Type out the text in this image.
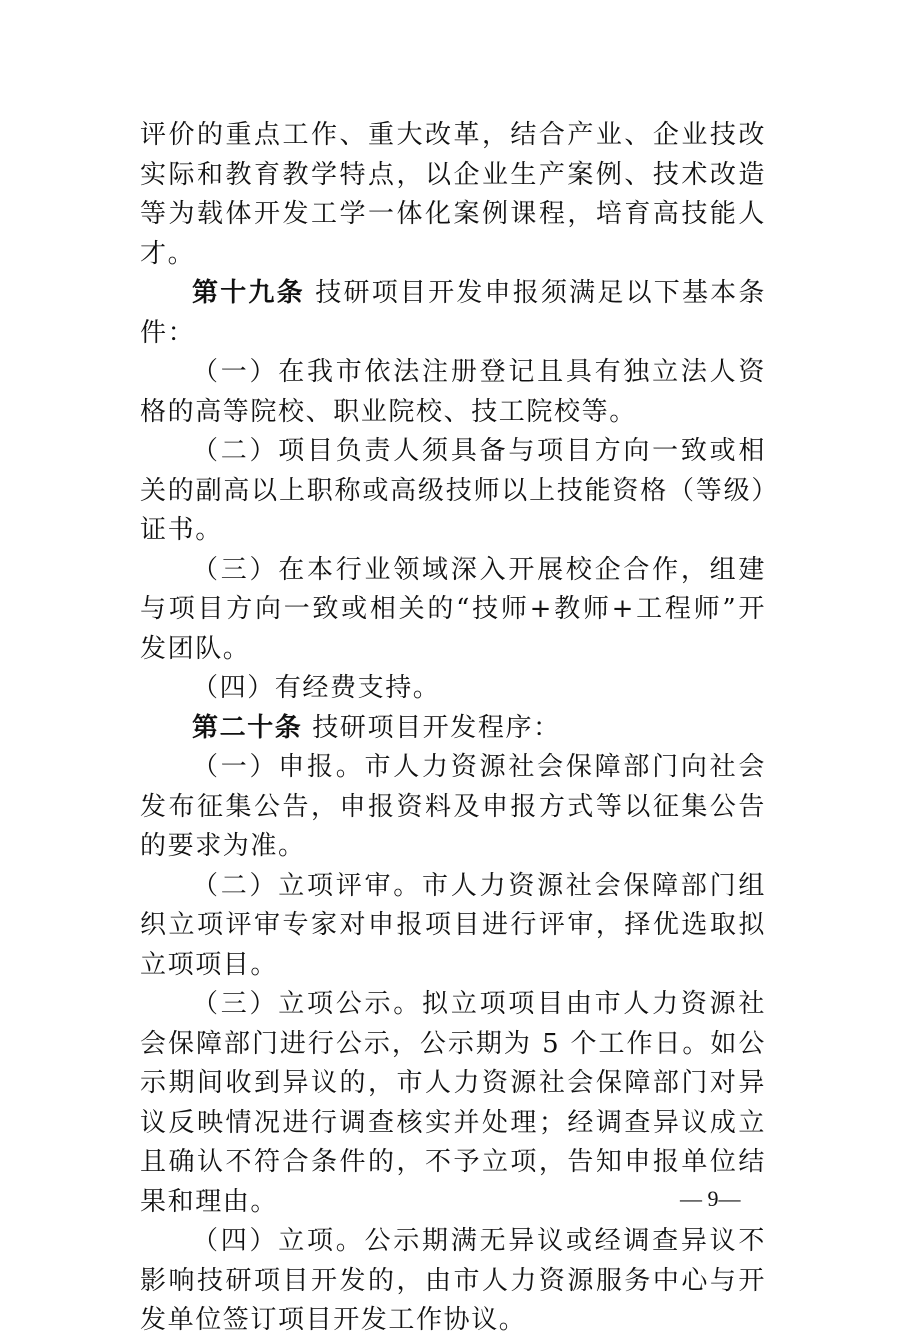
评价的重点工作、重大改革，结合产业、企业技改实际和教育教学特点，以企业生产案例、技术改造等为载体开发工学一体化案例课程，培育高技能人才。

第十九条 技研项目开发申报须满足以下基本条件：

（一）在我市依法注册登记且具有独立法人资格的高等院校、职业院校、技工院校等。

（二）项目负责人须具备与项目方向一致或相关的副高以上职称或高级技师以上技能资格（等级）证书。

（三）在本行业领域深入开展校企合作，组建与项目方向一致或相关的“技师+教师+工程师”开发团队。

（四）有经费支持。

第二十条 技研项目开发程序：

（一）申报。市人力资源社会保障部门向社会发布征集公告，申报资料及申报方式等以征集公告的要求为准。

（二）立项评审。市人力资源社会保障部门组织立项评审专家对申报项目进行评审，择优选取拟立项项目。

（三）立项公示。拟立项项目由市人力资源社会保障部门进行公示，公示期为 5 个工作日。如公示期间收到异议的，市人力资源社会保障部门对异议反映情况进行调查核实并处理；经调查异议成立且确认不符合条件的，不予立项，告知申报单位结果和理由。

（四）立项。公示期满无异议或经调查异议不影响技研项目开发的，由市人力资源服务中心与开发单位签订项目开发工作协议。

— 9—
